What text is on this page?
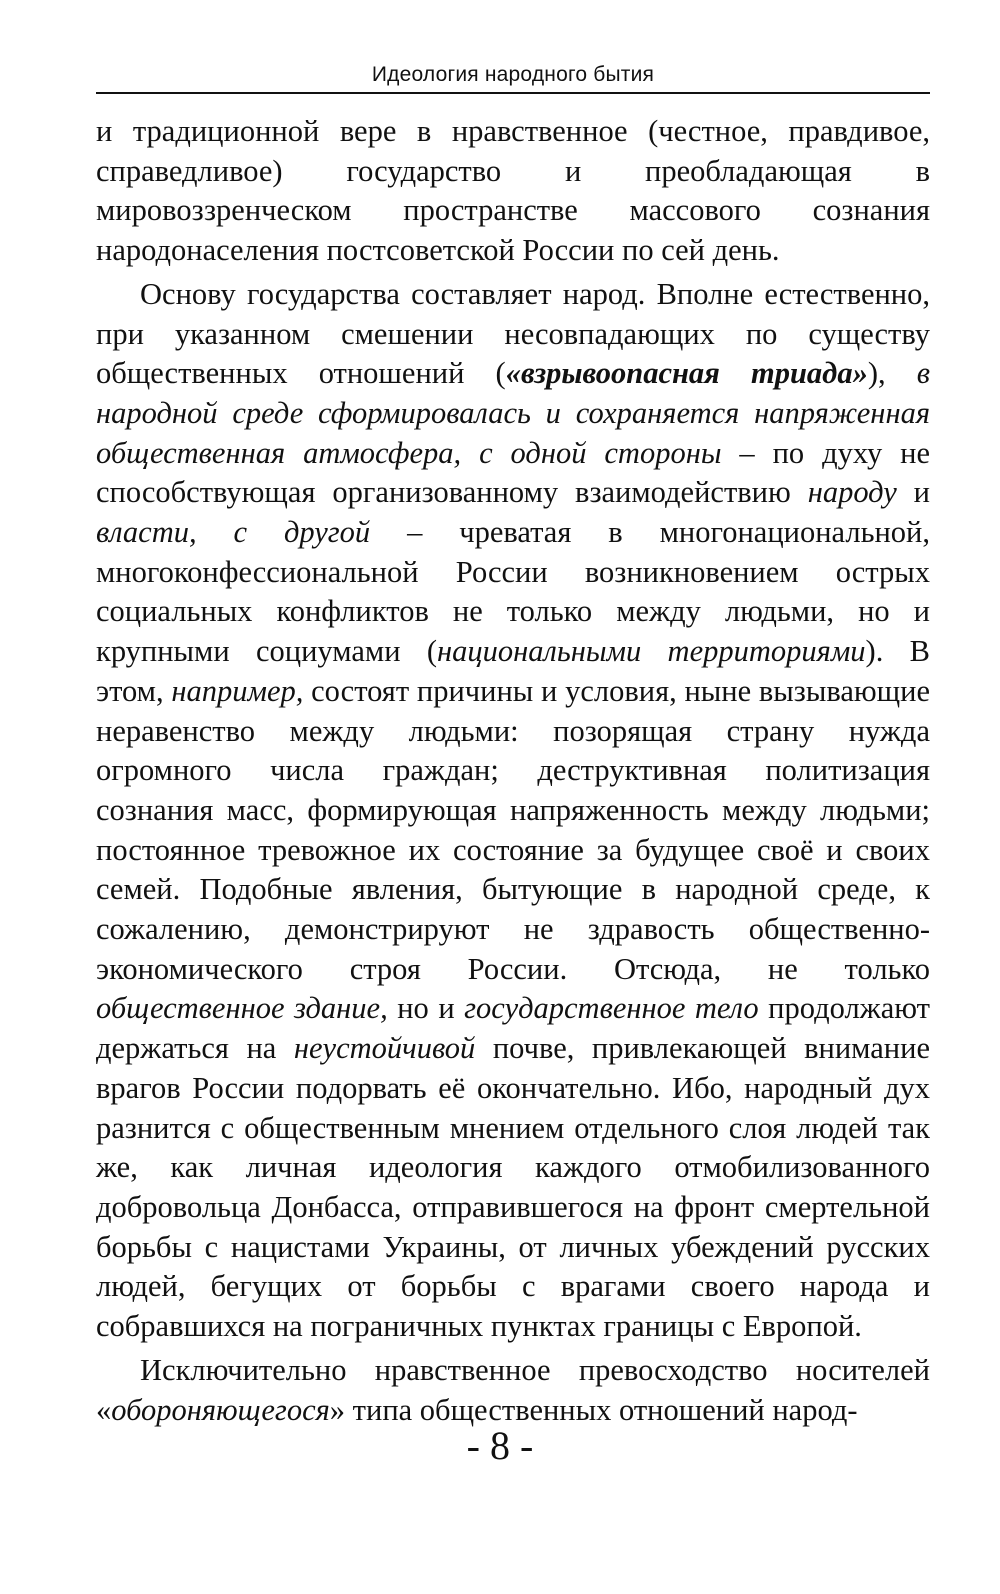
Идеология народного бытия

и традиционной вере в нравственное (честное, правдивое, справедливое) государство и преобладающая в мировоззренческом пространстве массового сознания народонаселения постсоветской России по сей день.

Основу государства составляет народ. Вполне естественно, при указанном смешении несовпадающих по существу общественных отношений («взрывоопасная триада»), в народной среде сформировалась и сохраняется напряженная общественная атмосфера, с одной стороны – по духу не способствующая организованному взаимодействию народу и власти, с другой – чреватая в многонациональной, многоконфессиональной России возникновением острых социальных конфликтов не только между людьми, но и крупными социумами (национальными территориями). В этом, например, состоят причины и условия, ныне вызывающие неравенство между людьми: позорящая страну нужда огромного числа граждан; деструктивная политизация сознания масс, формирующая напряженность между людьми; постоянное тревожное их состояние за будущее своё и своих семей. Подобные явления, бытующие в народной среде, к сожалению, демонстрируют не здравость общественно-экономического строя России. Отсюда, не только общественное здание, но и государственное тело продолжают держаться на неустойчивой почве, привлекающей внимание врагов России подорвать её окончательно. Ибо, народный дух разнится с общественным мнением отдельного слоя людей так же, как личная идеология каждого отмобилизованного добровольца Донбасса, отправившегося на фронт смертельной борьбы с нацистами Украины, от личных убеждений русских людей, бегущих от борьбы с врагами своего народа и собравшихся на пограничных пунктах границы с Европой.

Исключительно нравственное превосходство носителей «обороняющегося» типа общественных отношений народ-

- 8 -
